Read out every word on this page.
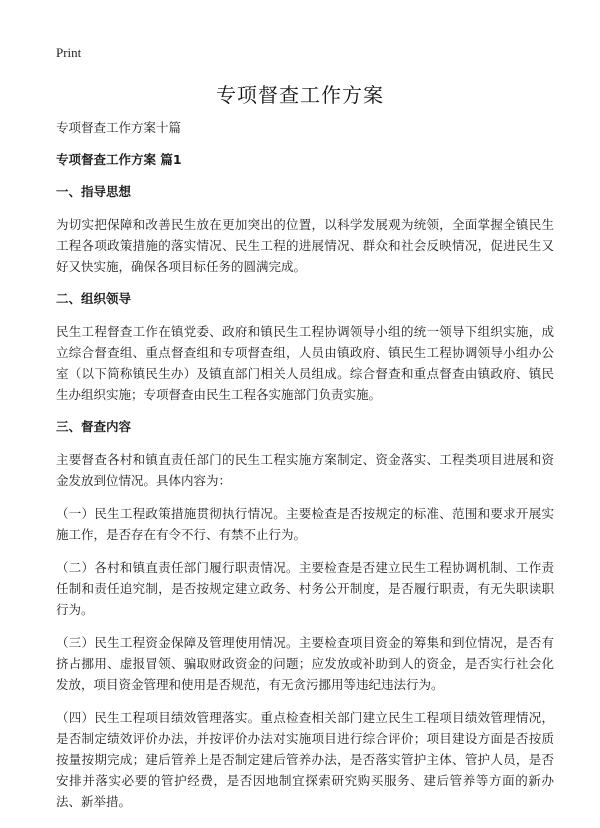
Print
专项督查工作方案

专项督查工作方案十篇

专项督查工作方案 篇1

一、指导思想

为切实把保障和改善民生放在更加突出的位置，以科学发展观为统领，全面掌握全镇民生工程各项政策措施的落实情况、民生工程的进展情况、群众和社会反映情况，促进民生又好又快实施，确保各项目标任务的圆满完成。

二、组织领导

民生工程督查工作在镇党委、政府和镇民生工程协调领导小组的统一领导下组织实施，成立综合督查组、重点督查组和专项督查组，人员由镇政府、镇民生工程协调领导小组办公室（以下简称镇民生办）及镇直部门相关人员组成。综合督查和重点督查由镇政府、镇民生办组织实施；专项督查由民生工程各实施部门负责实施。

三、督查内容

主要督查各村和镇直责任部门的民生工程实施方案制定、资金落实、工程类项目进展和资金发放到位情况。具体内容为：

（一）民生工程政策措施贯彻执行情况。主要检查是否按规定的标准、范围和要求开展实施工作，是否存在有令不行、有禁不止行为。

（二）各村和镇直责任部门履行职责情况。主要检查是否建立民生工程协调机制、工作责任制和责任追究制，是否按规定建立政务、村务公开制度，是否履行职责，有无失职读职行为。

（三）民生工程资金保障及管理使用情况。主要检查项目资金的筹集和到位情况，是否有挤占挪用、虚报冒领、骗取财政资金的问题；应发放或补助到人的资金，是否实行社会化发放，项目资金管理和使用是否规范，有无贪污挪用等违纪违法行为。

（四）民生工程项目绩效管理落实。重点检查相关部门建立民生工程项目绩效管理情况，是否制定绩效评价办法，并按评价办法对实施项目进行综合评价；项目建设方面是否按质按量按期完成；建后管养上是否制定建后管养办法，是否落实管护主体、管护人员，是否安排并落实必要的管护经费，是否因地制宜探索研究购买服务、建后管养等方面的新办法、新举措。
